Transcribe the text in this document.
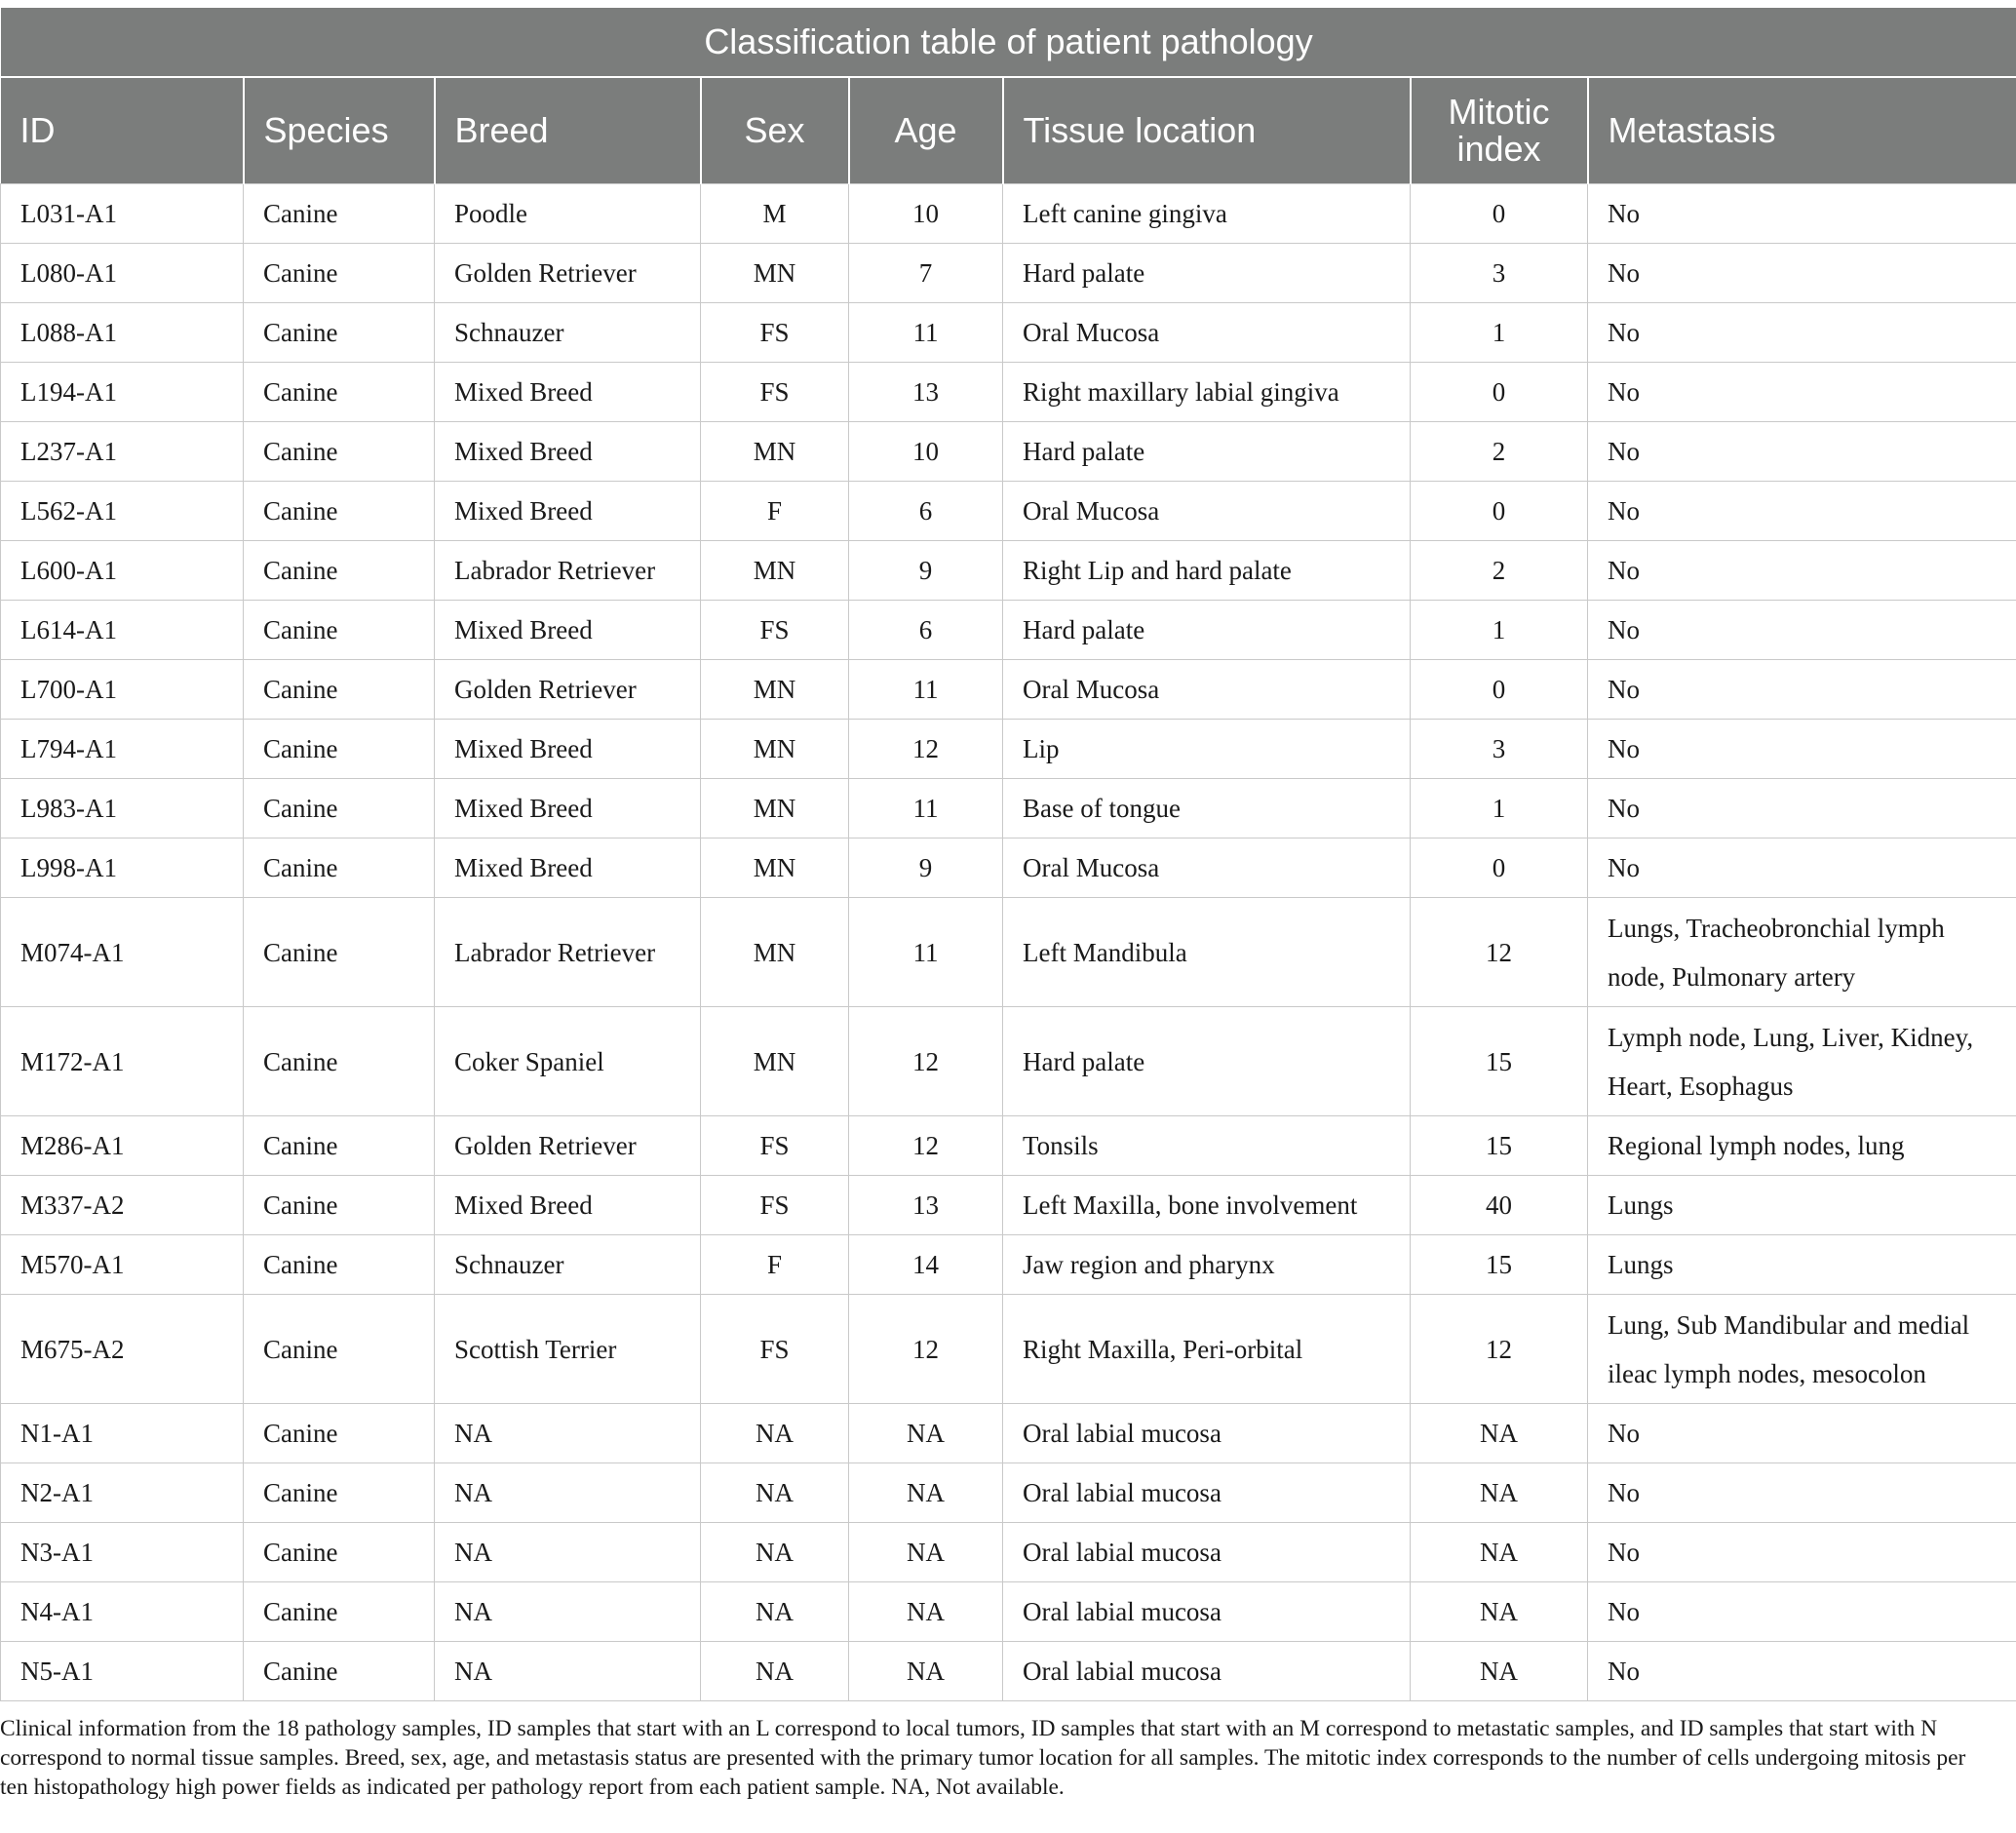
Classification table of patient pathology							
ID	Species	Breed	Sex	Age	Tissue location	Mitotic index	Metastasis
L031-A1	Canine	Poodle	M	10	Left canine gingiva	0	No
L080-A1	Canine	Golden Retriever	MN	7	Hard palate	3	No
L088-A1	Canine	Schnauzer	FS	11	Oral Mucosa	1	No
L194-A1	Canine	Mixed Breed	FS	13	Right maxillary labial gingiva	0	No
L237-A1	Canine	Mixed Breed	MN	10	Hard palate	2	No
L562-A1	Canine	Mixed Breed	F	6	Oral Mucosa	0	No
L600-A1	Canine	Labrador Retriever	MN	9	Right Lip and hard palate	2	No
L614-A1	Canine	Mixed Breed	FS	6	Hard palate	1	No
L700-A1	Canine	Golden Retriever	MN	11	Oral Mucosa	0	No
L794-A1	Canine	Mixed Breed	MN	12	Lip	3	No
L983-A1	Canine	Mixed Breed	MN	11	Base of tongue	1	No
L998-A1	Canine	Mixed Breed	MN	9	Oral Mucosa	0	No
M074-A1	Canine	Labrador Retriever	MN	11	Left Mandibula	12	Lungs, Tracheobronchial lymph node, Pulmonary artery
M172-A1	Canine	Coker Spaniel	MN	12	Hard palate	15	Lymph node, Lung, Liver, Kidney, Heart, Esophagus
M286-A1	Canine	Golden Retriever	FS	12	Tonsils	15	Regional lymph nodes, lung
M337-A2	Canine	Mixed Breed	FS	13	Left Maxilla, bone involvement	40	Lungs
M570-A1	Canine	Schnauzer	F	14	Jaw region and pharynx	15	Lungs
M675-A2	Canine	Scottish Terrier	FS	12	Right Maxilla, Peri-orbital	12	Lung, Sub Mandibular and medial ileac lymph nodes, mesocolon
N1-A1	Canine	NA	NA	NA	Oral labial mucosa	NA	No
N2-A1	Canine	NA	NA	NA	Oral labial mucosa	NA	No
N3-A1	Canine	NA	NA	NA	Oral labial mucosa	NA	No
N4-A1	Canine	NA	NA	NA	Oral labial mucosa	NA	No
N5-A1	Canine	NA	NA	NA	Oral labial mucosa	NA	No

Clinical information from the 18 pathology samples, ID samples that start with an L correspond to local tumors, ID samples that start with an M correspond to metastatic samples, and ID samples that start with N correspond to normal tissue samples. Breed, sex, age, and metastasis status are presented with the primary tumor location for all samples. The mitotic index corresponds to the number of cells undergoing mitosis per ten histopathology high power fields as indicated per pathology report from each patient sample. NA, Not available.
